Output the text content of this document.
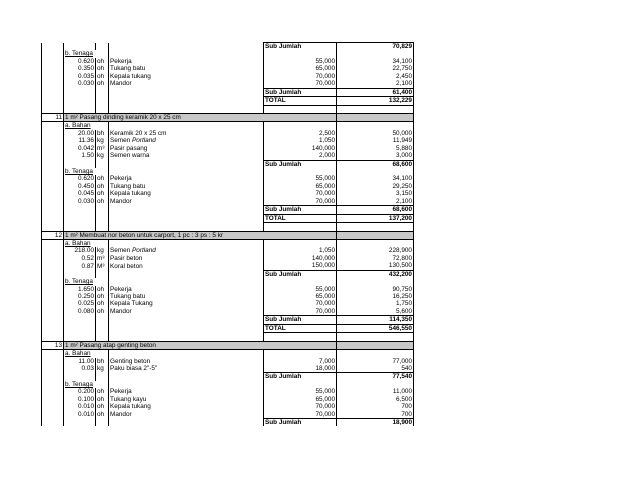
				Sub Jumlah	70,829
	b. Tenaga				
	0.620	oh	Pekerja	55,000	34,100
	0.350	oh	Tukang batu	65,000	22,750
	0.035	oh	Kepala tukang	70,000	2,450
	0.030	oh	Mandor	70,000	2,100
				Sub Jumlah	61,400
				TOTAL	132,229

11	1 m² Pasang dinding keramik 20 x 25 cm				
	a. Bahan				
	20.00	bh	Keramik 20 x 25 cm	2,500	50,000
	11.36	kg	Semen Portland	1,050	11,949
	0.042	m³	Pasir pasang	140,000	5,880
	1.50	kg	Semen warna	2,000	3,000
				Sub Jumlah	68,600
	b. Tenaga				
	0.620	oh	Pekerja	55,000	34,100
	0.450	oh	Tukang batu	65,000	29,250
	0.045	oh	Kepala tukang	70,000	3,150
	0.030	oh	Mandor	70,000	2,100
				Sub Jumlah	68,600
				TOTAL	137,200

12	1 m² Membuat nor beton untuk carport, 1 pc : 3 ps : 5 kr				
	a. Bahan				
	218.00	kg	Semen Portland	1,050	228,900
	0.52	m³	Pasir beton	140,000	72,800
	0.87	M³	Koral beton	150,000	130,500
				Sub Jumlah	432,200
	b. Tenaga				
	1.650	oh	Pekerja	55,000	90,750
	0.250	oh	Tukang batu	65,000	16,250
	0.025	oh	Kepala Tukang	70,000	1,750
	0.080	oh	Mandor	70,000	5,600
				Sub Jumlah	114,350
				TOTAL	546,550

13	1 m² Pasang atap genting beton				
	a. Bahan				
	11.00	bh	Genting beton	7,000	77,000
	0.03	kg	Paku biasa 2"-5"	18,000	540
				Sub Jumlah	77,540
	b. Tenaga				
	0.200	oh	Pekerja	55,000	11,000
	0.100	oh	Tukang kayu	65,000	6,500
	0.010	oh	Kepala tukang	70,000	700
	0.010	oh	Mandor	70,000	700
				Sub Jumlah	18,900
